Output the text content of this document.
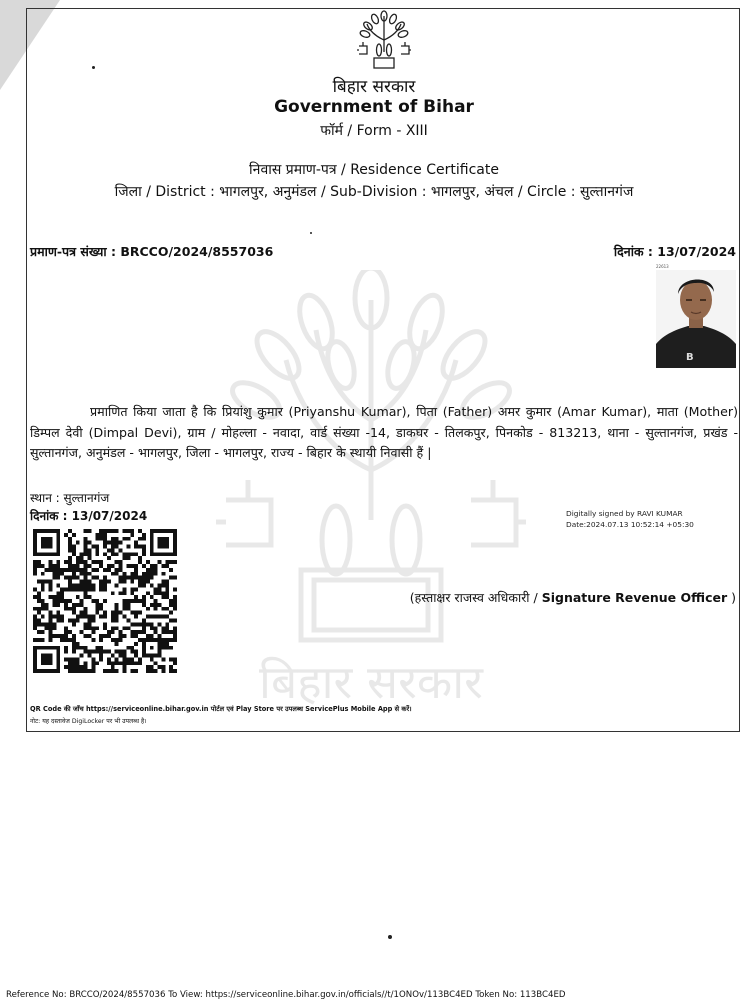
बिहार सरकार
बिहार सरकार
Government of Bihar
फॉर्म / Form - XIII
निवास प्रमाण-पत्र / Residence Certificate
जिला / District : भागलपुर, अनुमंडल / Sub-Division : भागलपुर, अंचल / Circle : सुल्तानगंज
प्रमाण-पत्र संख्या : BRCCO/2024/8557036	दिनांक : 13/07/2024
22613
B
प्रमाणित किया जाता है कि प्रियांशु कुमार (Priyanshu Kumar), पिता (Father) अमर कुमार (Amar Kumar), माता (Mother) डिम्पल देवी (Dimpal Devi), ग्राम / मोहल्ला - नवादा, वार्ड संख्या -14, डाकघर - तिलकपुर, पिनकोड - 813213, थाना - सुल्तानगंज, प्रखंड - सुल्तानगंज, अनुमंडल - भागलपुर, जिला - भागलपुर, राज्य - बिहार के स्थायी निवासी हैं |
स्थान : सुल्तानगंज
दिनांक : 13/07/2024	Digitally signed by RAVI KUMAR
Date:2024.07.13 10:52:14 +05:30
(हस्ताक्षर राजस्व अधिकारी / Signature Revenue Officer )
QR Code की जाँच https://serviceonline.bihar.gov.in पोर्टल एवं Play Store पर उपलब्ध ServicePlus Mobile App से करें।
नोट: यह दस्तावेज DigiLocker पर भी उपलब्ध है।
Reference No: BRCCO/2024/8557036 To View: https://serviceonline.bihar.gov.in/officials//t/1ONOv/113BC4ED Token No: 113BC4ED
